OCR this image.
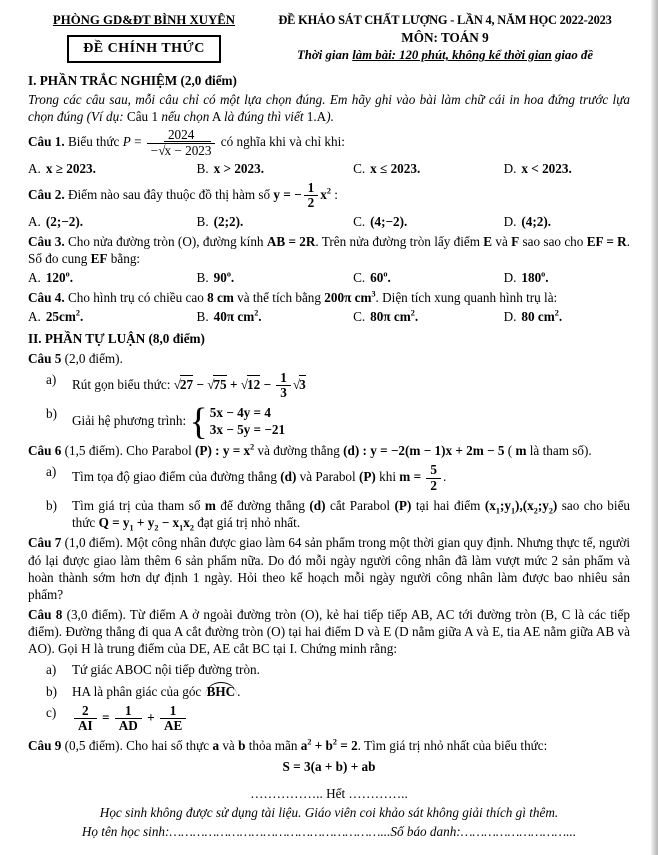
PHÒNG GD&ĐT BÌNH XUYÊN
ĐỀ CHÍNH THỨC
ĐỀ KHẢO SÁT CHẤT LƯỢNG - LẦN 4, NĂM HỌC 2022-2023
MÔN: TOÁN 9
Thời gian làm bài: 120 phút, không kể thời gian giao đề
I. PHẦN TRẮC NGHIỆM (2,0 điểm)

Trong các câu sau, mỗi câu chỉ có một lựa chọn đúng. Em hãy ghi vào bài làm chữ cái in hoa đứng trước lựa chọn đúng (Ví dụ: Câu 1 nếu chọn A là đúng thì viết 1.A).

Câu 1. Biểu thức $P = \frac{2024}{-√x - 2023}$ có nghĩa khi và chỉ khi:

A. x ≥ 2023.	B. x > 2023.	C. x ≤ 2023.	D. x < 2023.

Câu 2. Điểm nào sau đây thuộc đồ thị hàm số y = − $\frac{1}{2} x^2$ :

A. (2;−2).	B. (2;2).	C. (4;−2).	D. (4;2).

Câu 3. Cho nửa đường tròn (O), đường kính AB = 2R. Trên nửa đường tròn lấy điểm E và F sao sao cho EF = R. Số đo cung EF bằng:

A. 120$^o$.	B. 90$^o$.	C. 60$^o$.	D. 180$^o$.

Câu 4. Cho hình trụ có chiều cao 8 cm và thể tích bằng 200π $cm^3$. Diện tích xung quanh hình trụ là:

A. $25cm^2$.	B. 40π $cm^2$.	C. 80π $cm^2$.	D. 80 $cm^2$.
II. PHẦN TỰ LUẬN (8,0 điểm)

Câu 5 (2,0 điểm).

a)	Rút gọn biểu thức: $√27 - √75 + √12 - \frac{1}{3} √3$
b)	Giải hệ phương trình: { 5x − 4y = 4
3x − 5y = −21

Câu 6 (1,5 điểm). Cho Parabol (P) : $y = x^2$ và đường thẳng (d) : y = −2(m − 1)x + 2m − 5 ( m là tham số).

a)	Tìm tọa độ giao điểm của đường thẳng (d) và Parabol (P) khi $m = \frac{5}{2}$ .
b)	Tìm giá trị của tham số m để đường thẳng (d) cắt Parabol (P) tại hai điểm $(x_1;y_1),(x_2;y_2)$ sao cho biểu thức $Q = y_1 + y_2 - x_1x_2$ đạt giá trị nhỏ nhất.

Câu 7 (1,0 điểm). Một công nhân được giao làm 64 sản phẩm trong một thời gian quy định. Nhưng thực tế, người đó lại được giao làm thêm 6 sản phẩm nữa. Do đó mỗi ngày người công nhân đã làm vượt mức 2 sản phẩm và hoàn thành sớm hơn dự định 1 ngày. Hỏi theo kế hoạch mỗi ngày người công nhân làm được bao nhiêu sản phẩm?

Câu 8 (3,0 điểm). Từ điểm A ở ngoài đường tròn (O), kẻ hai tiếp tiếp AB, AC tới đường tròn (B, C là các tiếp điểm). Đường thẳng đi qua A cắt đường tròn (O) tại hai điểm D và E (D nằm giữa A và E, tia AE nằm giữa AB và AO). Gọi H là trung điểm của DE, AE cắt BC tại I. Chứng minh rằng:

a)	Tứ giác ABOC nội tiếp đường tròn.
b)	HA là phân giác của góc BHC .
c)	$\frac{2}{AI} = \frac{1}{AD} + \frac{1}{AE}$

Câu 9 (0,5 điểm). Cho hai số thực a và b thỏa mãn $a^2 + b^2 = 2$. Tìm giá trị nhỏ nhất của biểu thức:

S = 3(a + b) + ab

…………….. Hết …………..

Học sinh không được sử dụng tài liệu. Giáo viên coi khảo sát không giải thích gì thêm.

Họ tên học sinh:………………………………………………...Số báo danh:………………………...
